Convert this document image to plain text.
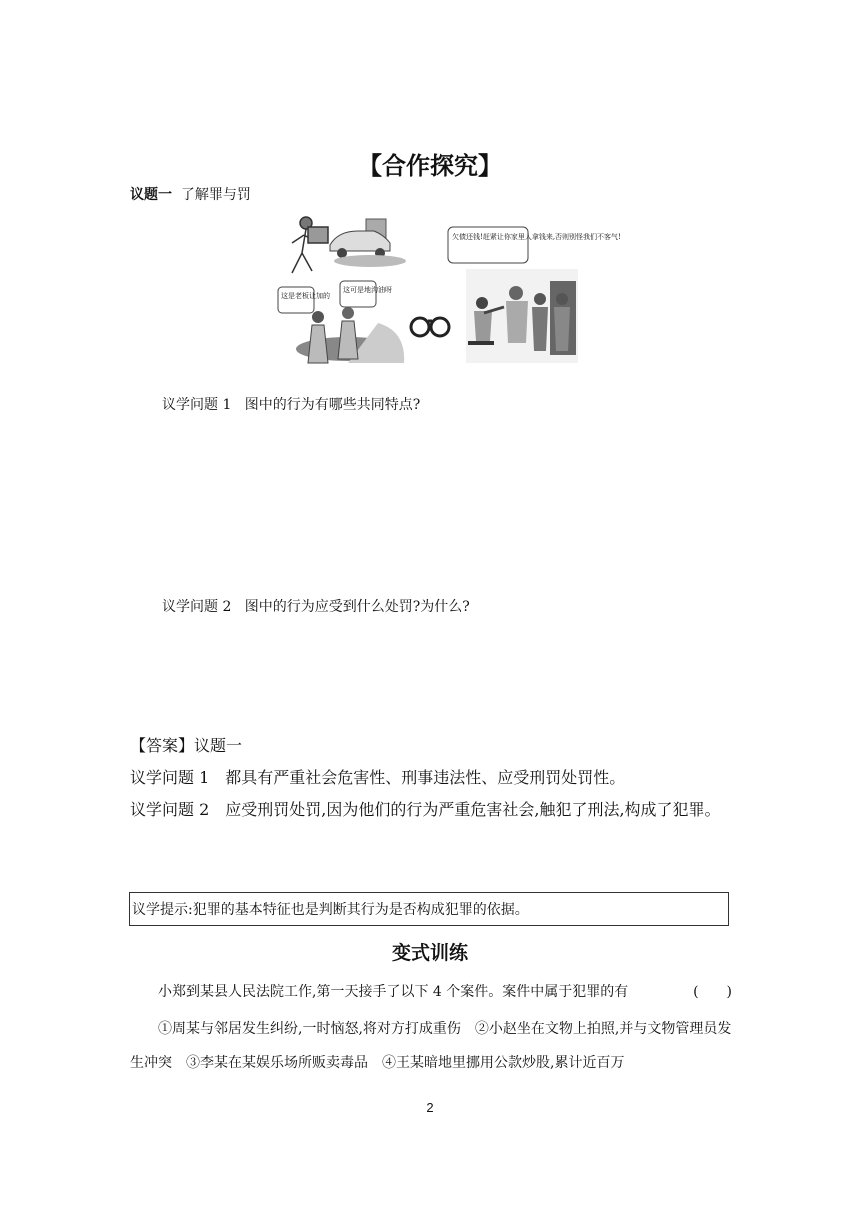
【合作探究】
议题一 了解罪与罚
这是老板让加的
这可是地沟油呀
欠债还钱!赶紧让你家里人拿钱来,否则别怪我们不客气!
议学问题 1 图中的行为有哪些共同特点?
议学问题 2 图中的行为应受到什么处罚?为什么?
【答案】议题一
议学问题 1　都具有严重社会危害性、刑事违法性、应受刑罚处罚性。
议学问题 2　应受刑罚处罚,因为他们的行为严重危害社会,触犯了刑法,构成了犯罪。
议学提示:犯罪的基本特征也是判断其行为是否构成犯罪的依据。
变式训练
小郑到某县人民法院工作,第一天接手了以下 4 个案件。案件中属于犯罪的有	(　　)
①周某与邻居发生纠纷,一时恼怒,将对方打成重伤　②小赵坐在文物上拍照,并与文物管理员发生冲突　③李某在某娱乐场所贩卖毒品　④王某暗地里挪用公款炒股,累计近百万
2
